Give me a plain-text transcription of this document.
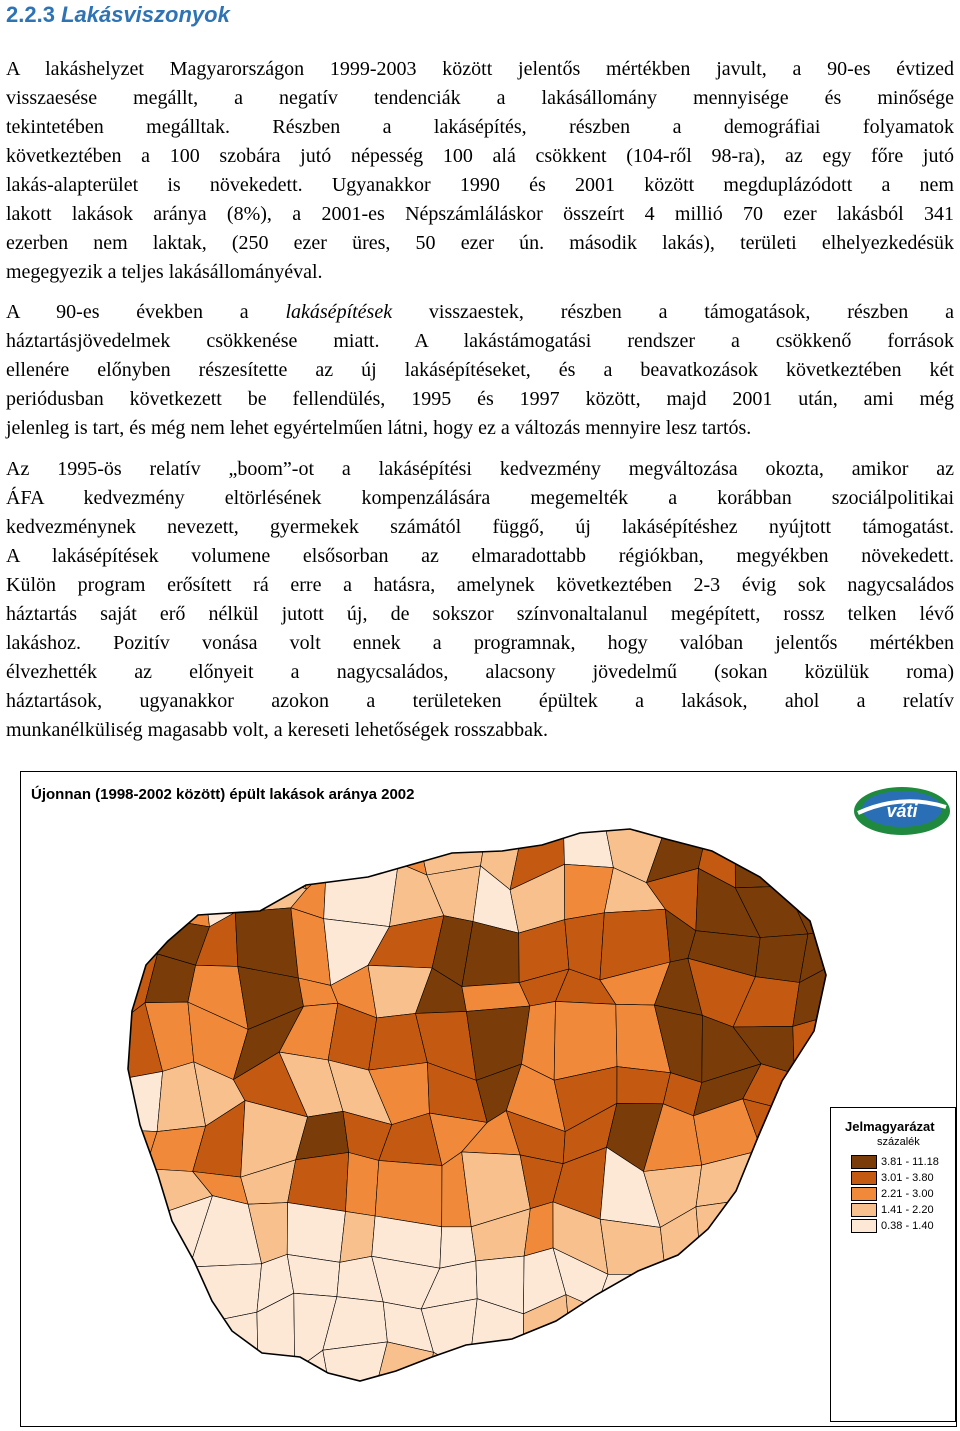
2.2.3 Lakásviszonyok

A lakáshelyzet Magyarországon 1999-2003 között jelentős mértékben javult, a 90-es évtized

visszaesése megállt, a negatív tendenciák a lakásállomány mennyisége és minősége

tekintetében megálltak. Részben a lakásépítés, részben a demográfiai folyamatok

következtében a 100 szobára jutó népesség 100 alá csökkent (104-ről 98-ra), az egy főre jutó

lakás-alapterület is növekedett. Ugyanakkor 1990 és 2001 között megduplázódott a nem

lakott lakások aránya (8%), a 2001-es Népszámláláskor összeírt 4 millió 70 ezer lakásból 341

ezerben nem laktak, (250 ezer üres, 50 ezer ún. második lakás), területi elhelyezkedésük

megegyezik a teljes lakásállományéval.

A 90-es években a lakásépítések visszaestek, részben a támogatások, részben a

háztartásjövedelmek csökkenése miatt. A lakástámogatási rendszer a csökkenő források

ellenére előnyben részesítette az új lakásépítéseket, és a beavatkozások következtében két

periódusban következett be fellendülés, 1995 és 1997 között, majd 2001 után, ami még

jelenleg is tart, és még nem lehet egyértelműen látni, hogy ez a változás mennyire lesz tartós.

Az 1995-ös relatív „boom”-ot a lakásépítési kedvezmény megváltozása okozta, amikor az

ÁFA kedvezmény eltörlésének kompenzálására megemelték a korábban szociálpolitikai

kedvezménynek nevezett, gyermekek számától függő, új lakásépítéshez nyújtott támogatást.

A lakásépítések volumene elsősorban az elmaradottabb régiókban, megyékben növekedett.

Külön program erősített rá erre a hatásra, amelynek következtében 2-3 évig sok nagycsaládos

háztartás saját erő nélkül jutott új, de sokszor színvonaltalanul megépített, rossz telken lévő

lakáshoz. Pozitív vonása volt ennek a programnak, hogy valóban jelentős mértékben

élvezhették az előnyeit a nagycsaládos, alacsony jövedelmű (sokan közülük roma)

háztartások, ugyanakkor azokon a területeken épültek a lakások, ahol a relatív

munkanélküliség magasabb volt, a kereseti lehetőségek rosszabbak.

Újonnan (1998-2002 között) épült lakások aránya 2002
váti
Jelmagyarázat
százalék
3.81 - 11.18
3.01 - 3.80
2.21 - 3.00
1.41 - 2.20
0.38 - 1.40
